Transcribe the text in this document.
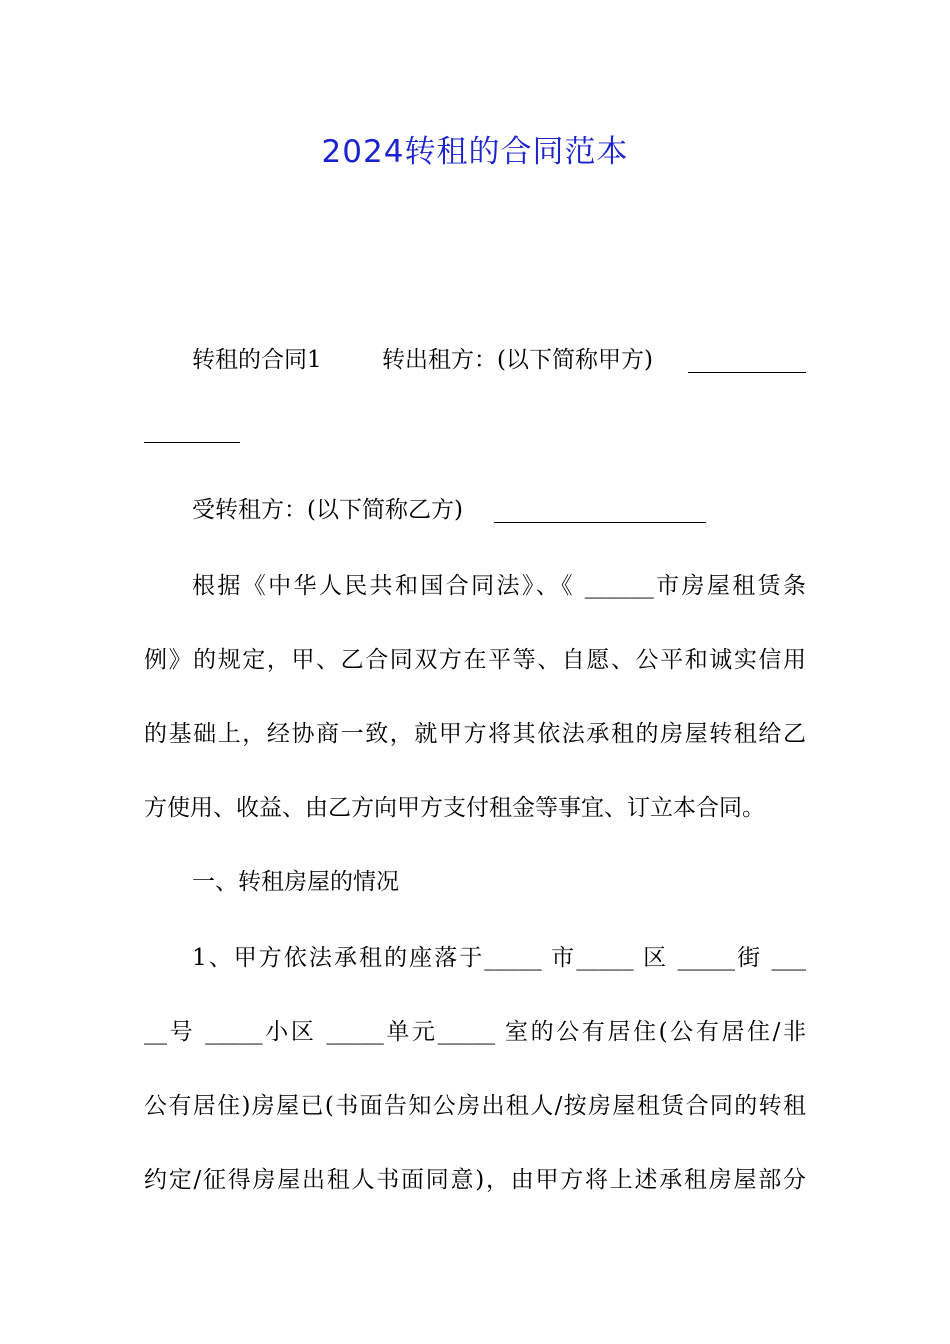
2024转租的合同范本

转租的合同1

	转出租方：(以下简称甲方)

受转租方：(以下简称乙方)

根据《中华人民共和国合同法》、《 ______市房屋租赁条

例》的规定，甲、乙合同双方在平等、自愿、公平和诚实信用

的基础上，经协商一致，就甲方将其依法承租的房屋转租给乙

方使用、收益、由乙方向甲方支付租金等事宜、订立本合同。

一、转租房屋的情况

1、甲方依法承租的座落于_____ 市_____ 区 _____街 ___

__号 _____小区 _____单元_____ 室的公有居住(公有居住/非

公有居住)房屋已(书面告知公房出租人/按房屋租赁合同的转租

约定/征得房屋出租人书面同意)，由甲方将上述承租房屋部分
